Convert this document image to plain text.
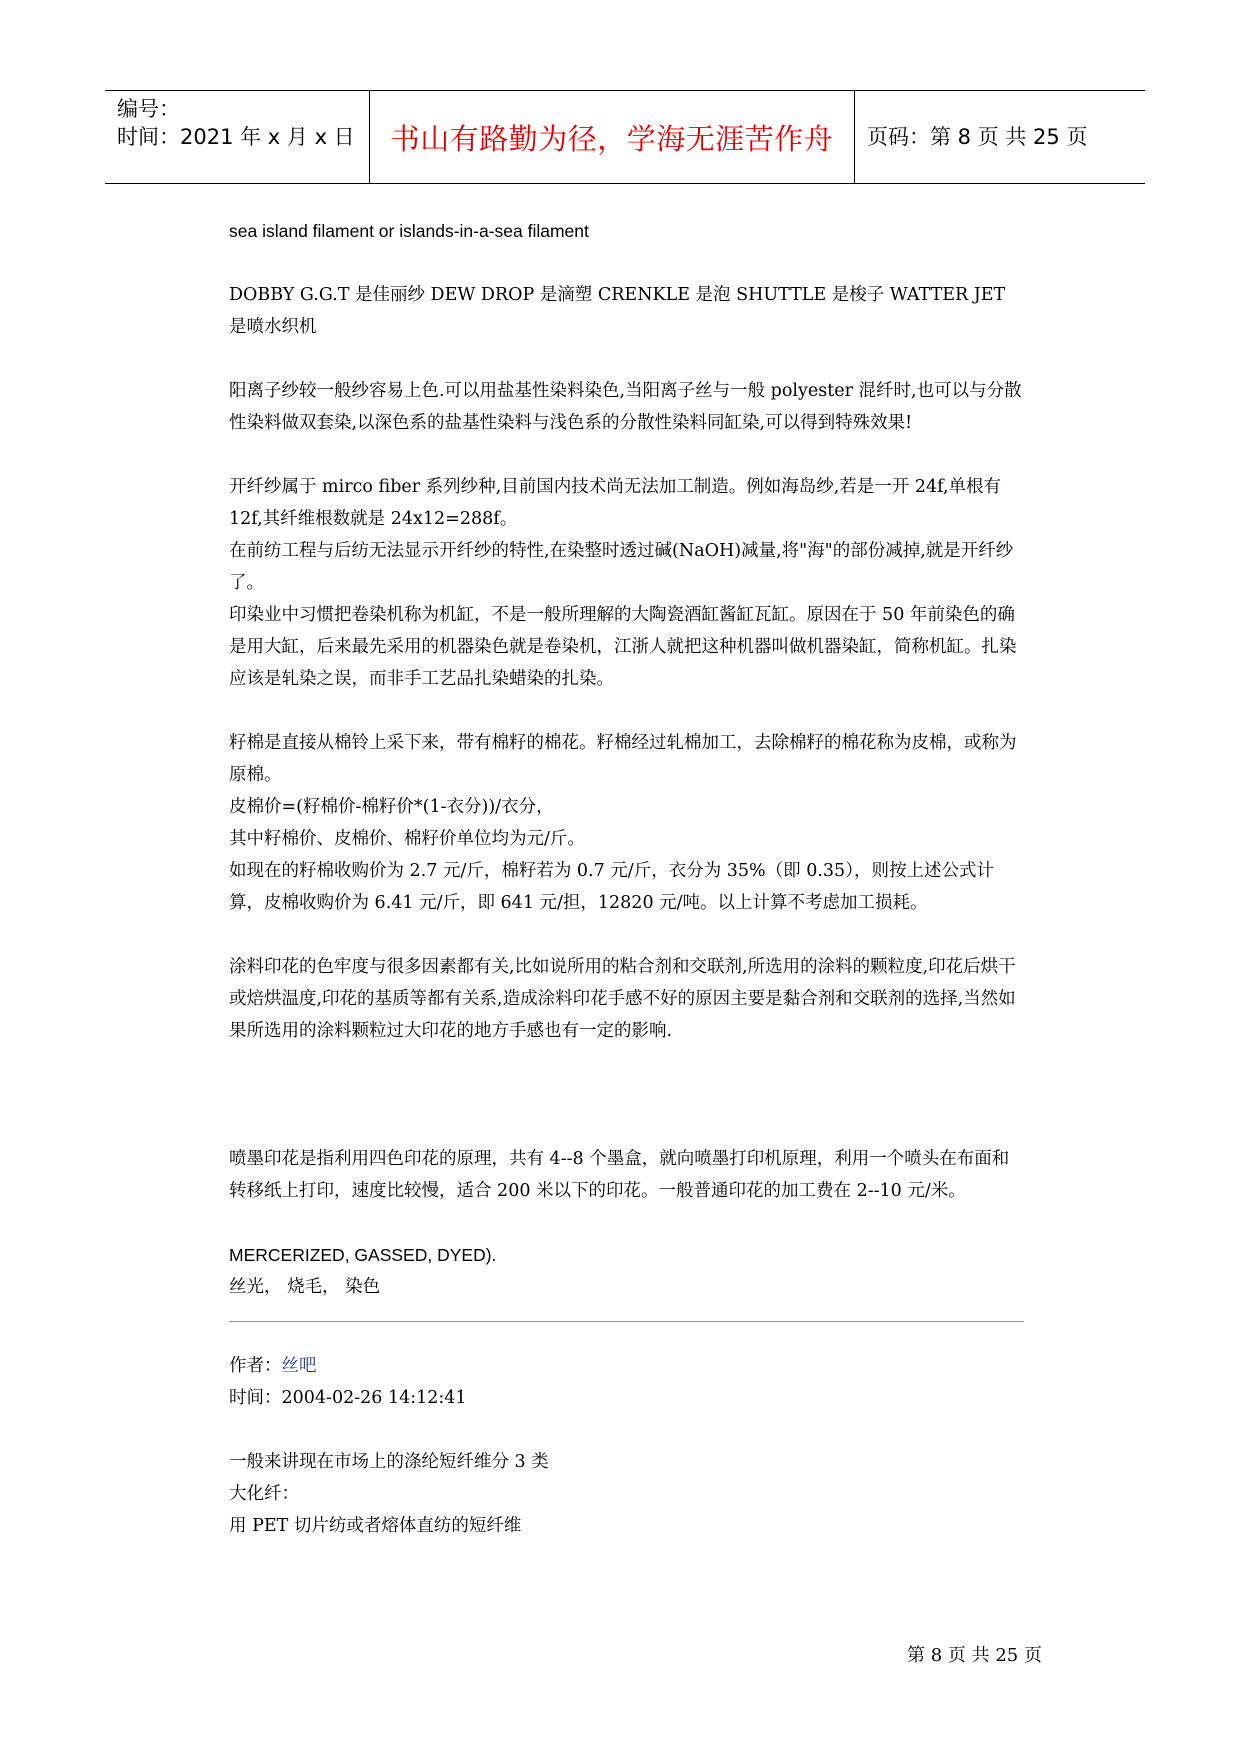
编号：
时间：2021 年 x 月 x 日	书山有路勤为径，学海无涯苦作舟	页码：第 8 页 共 25 页

sea island filament or islands-in-a-sea filament

DOBBY G.G.T 是佳丽纱 DEW DROP 是滴塑 CRENKLE 是泡 SHUTTLE 是梭子 WATTER JET 是喷水织机

阳离子纱较一般纱容易上色.可以用盐基性染料染色,当阳离子丝与一般 polyester 混纤时,也可以与分散性染料做双套染,以深色系的盐基性染料与浅色系的分散性染料同缸染,可以得到特殊效果!

开纤纱属于 mirco fiber 系列纱种,目前国内技术尚无法加工制造。例如海岛纱,若是一开 24f,单根有 12f,其纤维根数就是 24x12=288f。

在前纺工程与后纺无法显示开纤纱的特性,在染整时透过碱(NaOH)减量,将"海"的部份减掉,就是开纤纱了。

印染业中习惯把卷染机称为机缸，不是一般所理解的大陶瓷酒缸酱缸瓦缸。原因在于 50 年前染色的确是用大缸，后来最先采用的机器染色就是卷染机，江浙人就把这种机器叫做机器染缸，简称机缸。扎染应该是轧染之误，而非手工艺品扎染蜡染的扎染。

籽棉是直接从棉铃上采下来，带有棉籽的棉花。籽棉经过轧棉加工，去除棉籽的棉花称为皮棉，或称为原棉。

皮棉价=(籽棉价-棉籽价*(1-衣分))/衣分，

其中籽棉价、皮棉价、棉籽价单位均为元/斤。

如现在的籽棉收购价为 2.7 元/斤，棉籽若为 0.7 元/斤，衣分为 35%（即 0.35），则按上述公式计算，皮棉收购价为 6.41 元/斤，即 641 元/担，12820 元/吨。以上计算不考虑加工损耗。

涂料印花的色牢度与很多因素都有关,比如说所用的粘合剂和交联剂,所选用的涂料的颗粒度,印花后烘干或焙烘温度,印花的基质等都有关系,造成涂料印花手感不好的原因主要是黏合剂和交联剂的选择,当然如果所选用的涂料颗粒过大印花的地方手感也有一定的影响.

喷墨印花是指利用四色印花的原理，共有 4--8 个墨盒，就向喷墨打印机原理，利用一个喷头在布面和转移纸上打印，速度比较慢，适合 200 米以下的印花。一般普通印花的加工费在 2--10 元/米。

MERCERIZED, GASSED, DYED).

丝光， 烧毛， 染色

作者：丝吧

时间：2004-02-26 14:12:41

一般来讲现在市场上的涤纶短纤维分 3 类

大化纤：

用 PET 切片纺或者熔体直纺的短纤维

第 8 页 共 25 页
